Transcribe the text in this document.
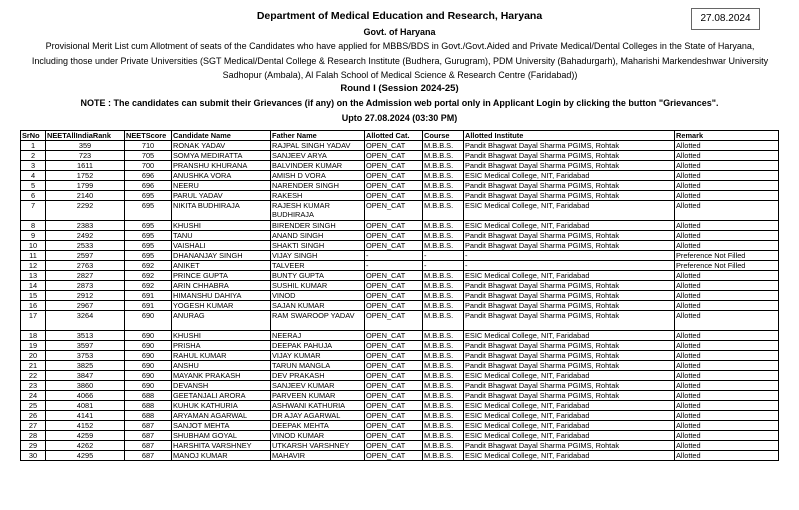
27.08.2024
Department of Medical Education and Research, Haryana
Govt. of Haryana
Provisional Merit List cum Allotment of seats of the Candidates who have applied for MBBS/BDS in Govt./Govt.Aided and Private Medical/Dental Colleges in the State of Haryana, Including those under Private Universities (SGT Medical/Dental College & Research Institute (Budhera, Gurugram), PDM University (Bahadurgarh), Maharishi Markendeshwar University Sadhopur (Ambala), Al Falah School of Medical Science & Research Centre (Faridabad))
Round I (Session 2024-25)
NOTE : The candidates can submit their Grievances (if any) on the Admission web portal only in Applicant Login by clicking the button "Grievances".
Upto 27.08.2024 (03:30 PM)
SrNo	NEETAllIndiaRank	NEETScore	Candidate Name	Father Name	Allotted Cat.	Course	Allotted Institute	Remark
1	359	710	RONAK YADAV	RAJPAL SINGH YADAV	OPEN_CAT	M.B.B.S.	Pandit Bhagwat Dayal Sharma PGIMS, Rohtak	Allotted
2	723	705	SOMYA MEDIRATTA	SANJEEV ARYA	OPEN_CAT	M.B.B.S.	Pandit Bhagwat Dayal Sharma PGIMS, Rohtak	Allotted
3	1611	700	PRANSHU KHURANA	BALVINDER KUMAR	OPEN_CAT	M.B.B.S.	Pandit Bhagwat Dayal Sharma PGIMS, Rohtak	Allotted
4	1752	696	ANUSHKA VORA	AMISH D VORA	OPEN_CAT	M.B.B.S.	ESIC Medical College, NIT, Faridabad	Allotted
5	1799	696	NEERU	NARENDER SINGH	OPEN_CAT	M.B.B.S.	Pandit Bhagwat Dayal Sharma PGIMS, Rohtak	Allotted
6	2140	695	PARUL YADAV	RAKESH	OPEN_CAT	M.B.B.S.	Pandit Bhagwat Dayal Sharma PGIMS, Rohtak	Allotted
7	2292	695	NIKITA BUDHIRAJA	RAJESH KUMAR BUDHIRAJA	OPEN_CAT	M.B.B.S.	ESIC Medical College, NIT, Faridabad	Allotted
8	2383	695	KHUSHI	BIRENDER SINGH	OPEN_CAT	M.B.B.S.	ESIC Medical College, NIT, Faridabad	Allotted
9	2492	695	TANU	ANAND SINGH	OPEN_CAT	M.B.B.S.	Pandit Bhagwat Dayal Sharma PGIMS, Rohtak	Allotted
10	2533	695	VAISHALI	SHAKTI SINGH	OPEN_CAT	M.B.B.S.	Pandit Bhagwat Dayal Sharma PGIMS, Rohtak	Allotted
11	2597	695	DHANANJAY SINGH	VIJAY SINGH	-	-	-	Preference Not Filled
12	2763	692	ANIKET	TALVEER	-	-	-	Preference Not Filled
13	2827	692	PRINCE GUPTA	BUNTY GUPTA	OPEN_CAT	M.B.B.S.	ESIC Medical College, NIT, Faridabad	Allotted
14	2873	692	ARIN CHHABRA	SUSHIL KUMAR	OPEN_CAT	M.B.B.S.	Pandit Bhagwat Dayal Sharma PGIMS, Rohtak	Allotted
15	2912	691	HIMANSHU DAHIYA	VINOD	OPEN_CAT	M.B.B.S.	Pandit Bhagwat Dayal Sharma PGIMS, Rohtak	Allotted
16	2967	691	YOGESH KUMAR	SAJAN KUMAR	OPEN_CAT	M.B.B.S.	Pandit Bhagwat Dayal Sharma PGIMS, Rohtak	Allotted
17	3264	690	ANURAG	RAM SWAROOP YADAV	OPEN_CAT	M.B.B.S.	Pandit Bhagwat Dayal Sharma PGIMS, Rohtak	Allotted
18	3513	690	KHUSHI	NEERAJ	OPEN_CAT	M.B.B.S.	ESIC Medical College, NIT, Faridabad	Allotted
19	3597	690	PRISHA	DEEPAK PAHUJA	OPEN_CAT	M.B.B.S.	Pandit Bhagwat Dayal Sharma PGIMS, Rohtak	Allotted
20	3753	690	RAHUL KUMAR	VIJAY KUMAR	OPEN_CAT	M.B.B.S.	Pandit Bhagwat Dayal Sharma PGIMS, Rohtak	Allotted
21	3825	690	ANSHU	TARUN MANGLA	OPEN_CAT	M.B.B.S.	Pandit Bhagwat Dayal Sharma PGIMS, Rohtak	Allotted
22	3847	690	MAYANK PRAKASH	DEV PRAKASH	OPEN_CAT	M.B.B.S.	ESIC Medical College, NIT, Faridabad	Allotted
23	3860	690	DEVANSH	SANJEEV KUMAR	OPEN_CAT	M.B.B.S.	Pandit Bhagwat Dayal Sharma PGIMS, Rohtak	Allotted
24	4066	688	GEETANJALI ARORA	PARVEEN KUMAR	OPEN_CAT	M.B.B.S.	Pandit Bhagwat Dayal Sharma PGIMS, Rohtak	Allotted
25	4081	688	KUHUK KATHURIA	ASHWANI KATHURIA	OPEN_CAT	M.B.B.S.	ESIC Medical College, NIT, Faridabad	Allotted
26	4141	688	ARYAMAN AGARWAL	DR AJAY AGARWAL	OPEN_CAT	M.B.B.S.	ESIC Medical College, NIT, Faridabad	Allotted
27	4152	687	SANJOT MEHTA	DEEPAK MEHTA	OPEN_CAT	M.B.B.S.	ESIC Medical College, NIT, Faridabad	Allotted
28	4259	687	SHUBHAM GOYAL	VINOD KUMAR	OPEN_CAT	M.B.B.S.	ESIC Medical College, NIT, Faridabad	Allotted
29	4262	687	HARSHITA VARSHNEY	UTKARSH VARSHNEY	OPEN_CAT	M.B.B.S.	Pandit Bhagwat Dayal Sharma PGIMS, Rohtak	Allotted
30	4295	687	MANOJ KUMAR	MAHAVIR	OPEN_CAT	M.B.B.S.	ESIC Medical College, NIT, Faridabad	Allotted
